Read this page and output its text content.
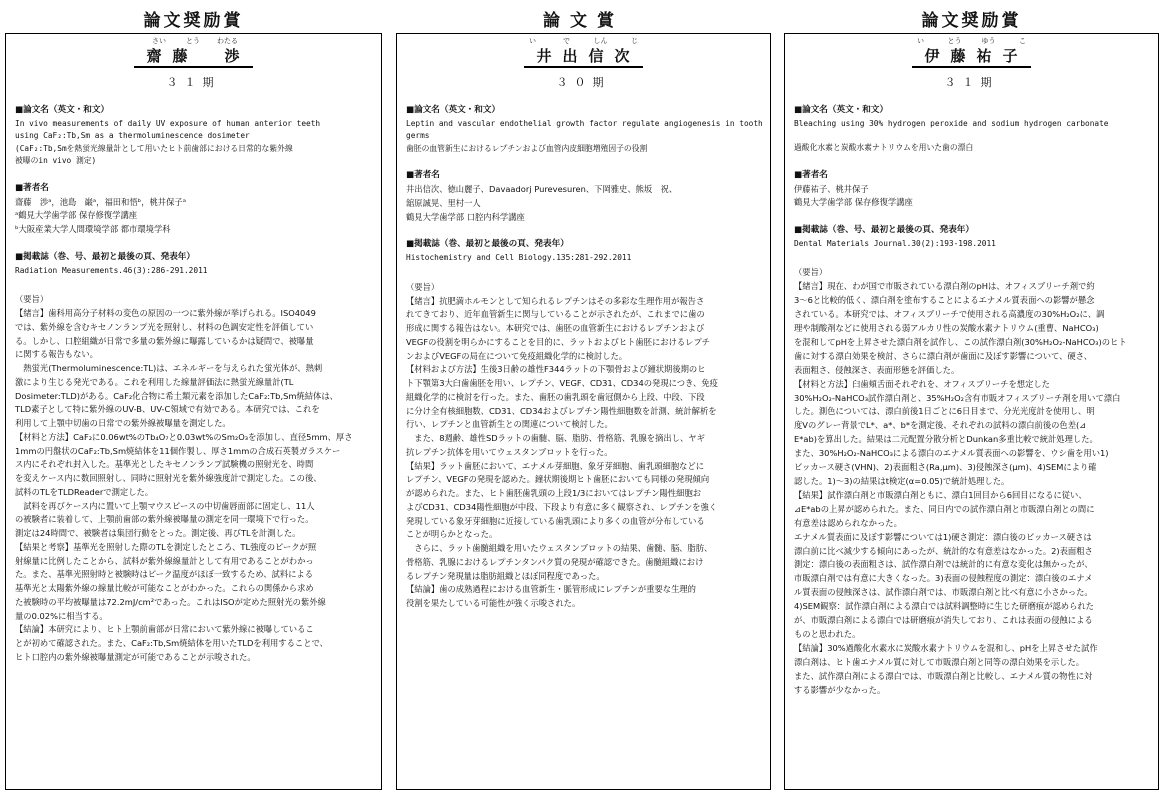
論文奨励賞
さい	とう	わたる
齋藤　渉
３１期
■論文名（英文・和文）
In vivo measurements of daily UV exposure of human anterior teeth
using CaF₂:Tb,Sm as a thermoluminescence dosimeter
(CaF₂:Tb,Smを熱蛍光線量計として用いたヒト前歯部における日常的な紫外線
被曝のin vivo 測定)
■著者名
齋藤　渉ᵃ，池島　巌ᵃ，福田和悟ᵇ，桃井保子ᵃ
ᵃ鶴見大学歯学部 保存修復学講座
ᵇ大阪産業大学人間環境学部 都市環境学科
■掲載誌（巻、号、最初と最後の頁、発表年）
Radiation Measurements.46(3):286-291.2011
（要旨）
【緒言】歯科用高分子材料の変色の原因の一つに紫外線が挙げられる。ISO4049
では、紫外線を含むキセノンランプ光を照射し、材料の色調安定性を評価してい
る。しかし、口腔組織が日常で多量の紫外線に曝露しているかは疑問で、被曝量
に関する報告もない。
　熱蛍光(Thermoluminescence:TL)は、エネルギーを与えられた蛍光体が、熱刺
激により生じる発光である。これを利用した線量評価法に熱蛍光線量計(TL
Dosimeter:TLD)がある。CaF₂化合物に希土類元素を添加したCaF₂:Tb,Sm焼結体は、
TLD素子として特に紫外線のUV-B、UV-C領域で有効である。本研究では、これを
利用して上顎中切歯の日常での紫外線被曝量を測定した。
【材料と方法】CaF₂に0.06wt%のTb₄O₇と0.03wt%のSm₂O₃を添加し、直径5mm、厚さ
1mmの円盤状のCaF₂:Tb,Sm焼結体を11個作製し、厚さ1mmの合成石英製ガラスケー
ス内にそれぞれ封入した。基準光としたキセノンランプ試験機の照射光を、時間
を変えケース内に数回照射し、同時に照射光を紫外線強度計で測定した。この後、
試料のTLをTLDReaderで測定した。
　試料を再びケース内に置いて上顎マウスピースの中切歯唇面部に固定し、11人
の被験者に装着して、上顎前歯部の紫外線被曝量の測定を同一環境下で行った。
測定は24時間で、被験者は集団行動をとった。測定後、再びTLを計測した。
【結果と考察】基準光を照射した際のTLを測定したところ、TL強度のピークが照
射線量に比例したことから、試料が紫外線線量計として有用であることがわかっ
た。また、基準光照射時と被験時はピーク温度がほぼ一致するため、試料による
基準光と太陽紫外線の線量比較が可能なことがわかった。これらの関係から求め
た被験時の平均被曝量は72.2mJ/cm²であった。これはISOが定めた照射光の紫外線
量の0.02%に相当する。
【結論】本研究により、ヒト上顎前歯部が日常において紫外線に被曝しているこ
とが初めて確認された。また、CaF₂:Tb,Sm焼結体を用いたTLDを利用することで、
ヒト口腔内の紫外線被曝量測定が可能であることが示唆された。
論文賞
い	で	しん	じ
井出信次
３０期
■論文名（英文・和文）
Leptin and vascular endothelial growth factor regulate angiogenesis in tooth
germs
歯胚の血管新生におけるレプチンおよび血管内皮細胞増殖因子の役割
■著者名
井出信次、徳山麗子、Davaadorj Purevesuren、下岡雅史、熊坂　祝、
舘原誠晃、里村一人
鶴見大学歯学部 口腔内科学講座
■掲載誌（巻、最初と最後の頁、発表年）
Histochemistry and Cell Biology.135:281-292.2011
（要旨）
【緒言】抗肥満ホルモンとして知られるレプチンはその多彩な生理作用が報告さ
れてきており、近年血管新生に関与していることが示されたが、これまでに歯の
形成に関する報告はない。本研究では、歯胚の血管新生におけるレプチンおよび
VEGFの役割を明らかにすることを目的に、ラットおよびヒト歯胚におけるレプチ
ンおよびVEGFの局在について免疫組織化学的に検討した。
【材料および方法】生後3日齢の雄性F344ラットの下顎骨および鐘状期後期のヒ
ト下顎第3大臼歯歯胚を用い、レプチン、VEGF、CD31、CD34の発現につき、免疫
組織化学的に検討を行った。また、歯胚の歯乳頭を歯冠側から上段、中段、下段
に分け全有核細胞数、CD31、CD34およびレプチン陽性細胞数を計測、統計解析を
行い、レプチンと血管新生との関連について検討した。
　また、8週齢、雄性SDラットの歯髄、脳、脂肪、骨格筋、乳腺を摘出し、ヤギ
抗レプチン抗体を用いてウェスタンブロットを行った。
【結果】ラット歯胚において、エナメル芽細胞、象牙芽細胞、歯乳頭細胞などに
レプチン、VEGFの発現を認めた。鐘状期後期ヒト歯胚においても同様の発現傾向
が認められた。また、ヒト歯胚歯乳頭の上段1/3においてはレプチン陽性細胞お
よびCD31、CD34陽性細胞が中段、下段より有意に多く観察され、レプチンを強く
発現している象牙芽細胞に近接している歯乳頭により多くの血管が分布している
ことが明らかとなった。
　さらに、ラット歯髄組織を用いたウェスタンブロットの結果、歯髄、脳、脂肪、
骨格筋、乳腺におけるレプチンタンパク質の発現が確認できた。歯髄組織におけ
るレプチン発現量は脂肪組織とほぼ同程度であった。
【結論】歯の成熟過程における血管新生・脈管形成にレプチンが重要な生理的
役割を果たしている可能性が強く示唆された。
論文奨励賞
い	とう	ゆう	こ
伊藤祐子
３１期
■論文名（英文・和文）
Bleaching using 30% hydrogen peroxide and sodium hydrogen carbonate
過酸化水素と炭酸水素ナトリウムを用いた歯の漂白
■著者名
伊藤祐子、桃井保子
鶴見大学歯学部 保存修復学講座
■掲載誌（巻、号、最初と最後の頁、発表年）
Dental Materials Journal.30(2):193-198.2011
（要旨）
【緒言】現在、わが国で市販されている漂白剤のpHは、オフィスブリーチ剤で約
3～6と比較的低く、漂白剤を塗布することによるエナメル質表面への影響が懸念
されている。本研究では、オフィスブリーチで使用される高濃度の30%H₂O₂に、調
理や制酸剤などに使用される弱アルカリ性の炭酸水素ナトリウム(重曹、NaHCO₃)
を混和してpHを上昇させた漂白剤を試作し、この試作漂白剤(30%H₂O₂-NaHCO₃)のヒト
歯に対する漂白効果を検討、さらに漂白剤が歯面に及ぼす影響について、硬さ、
表面粗さ、侵蝕深さ、表面形態を評価した。
【材料と方法】臼歯頬舌面それぞれを、オフィスブリーチを想定した
30%H₂O₂-NaHCO₃試作漂白剤と、35%H₂O₂含有市販オフィスブリーチ剤を用いて漂白
した。測色については、漂白前後1日ごとに6日目まで、分光光度計を使用し、明
度Vのグレー背景でL*、a*、b*を測定後、それぞれの試料の漂白前後の色差(⊿
E*ab)を算出した。結果は二元配置分散分析とDunkan多重比較で統計処理した。
また、30%H₂O₂-NaHCO₃による漂白のエナメル質表面への影響を、ウシ歯を用い1)
ビッカース硬さ(VHN)、2)表面粗さ(Ra,μm)、3)侵蝕深さ(μm)、4)SEMにより確
認した。1)～3)の結果はt検定(α=0.05)で統計処理した。
【結果】試作漂白剤と市販漂白剤ともに、漂白1回目から6回目になるに従い、
⊿E*abの上昇が認められた。また、同日内での試作漂白剤と市販漂白剤との間に
有意差は認められなかった。
エナメル質表面に及ぼす影響については1)硬さ測定：漂白後のビッカース硬さは
漂白前に比べ減少する傾向にあったが、統計的な有意差はなかった。2)表面粗さ
測定：漂白後の表面粗さは、試作漂白剤では統計的に有意な変化は無かったが、
市販漂白剤では有意に大きくなった。3)表面の侵蝕程度の測定：漂白後のエナメ
ル質表面の侵蝕深さは、試作漂白剤では、市販漂白剤と比べ有意に小さかった。
4)SEM観察：試作漂白剤による漂白では試料調整時に生じた研磨痕が認められた
が、市販漂白剤による漂白では研磨痕が消失しており、これは表面の侵蝕による
ものと思われた。
【結論】30%過酸化水素水に炭酸水素ナトリウムを混和し、pHを上昇させた試作
漂白剤は、ヒト歯エナメル質に対して市販漂白剤と同等の漂白効果を示した。
また、試作漂白剤による漂白では、市販漂白剤と比較し、エナメル質の物性に対
する影響が少なかった。
